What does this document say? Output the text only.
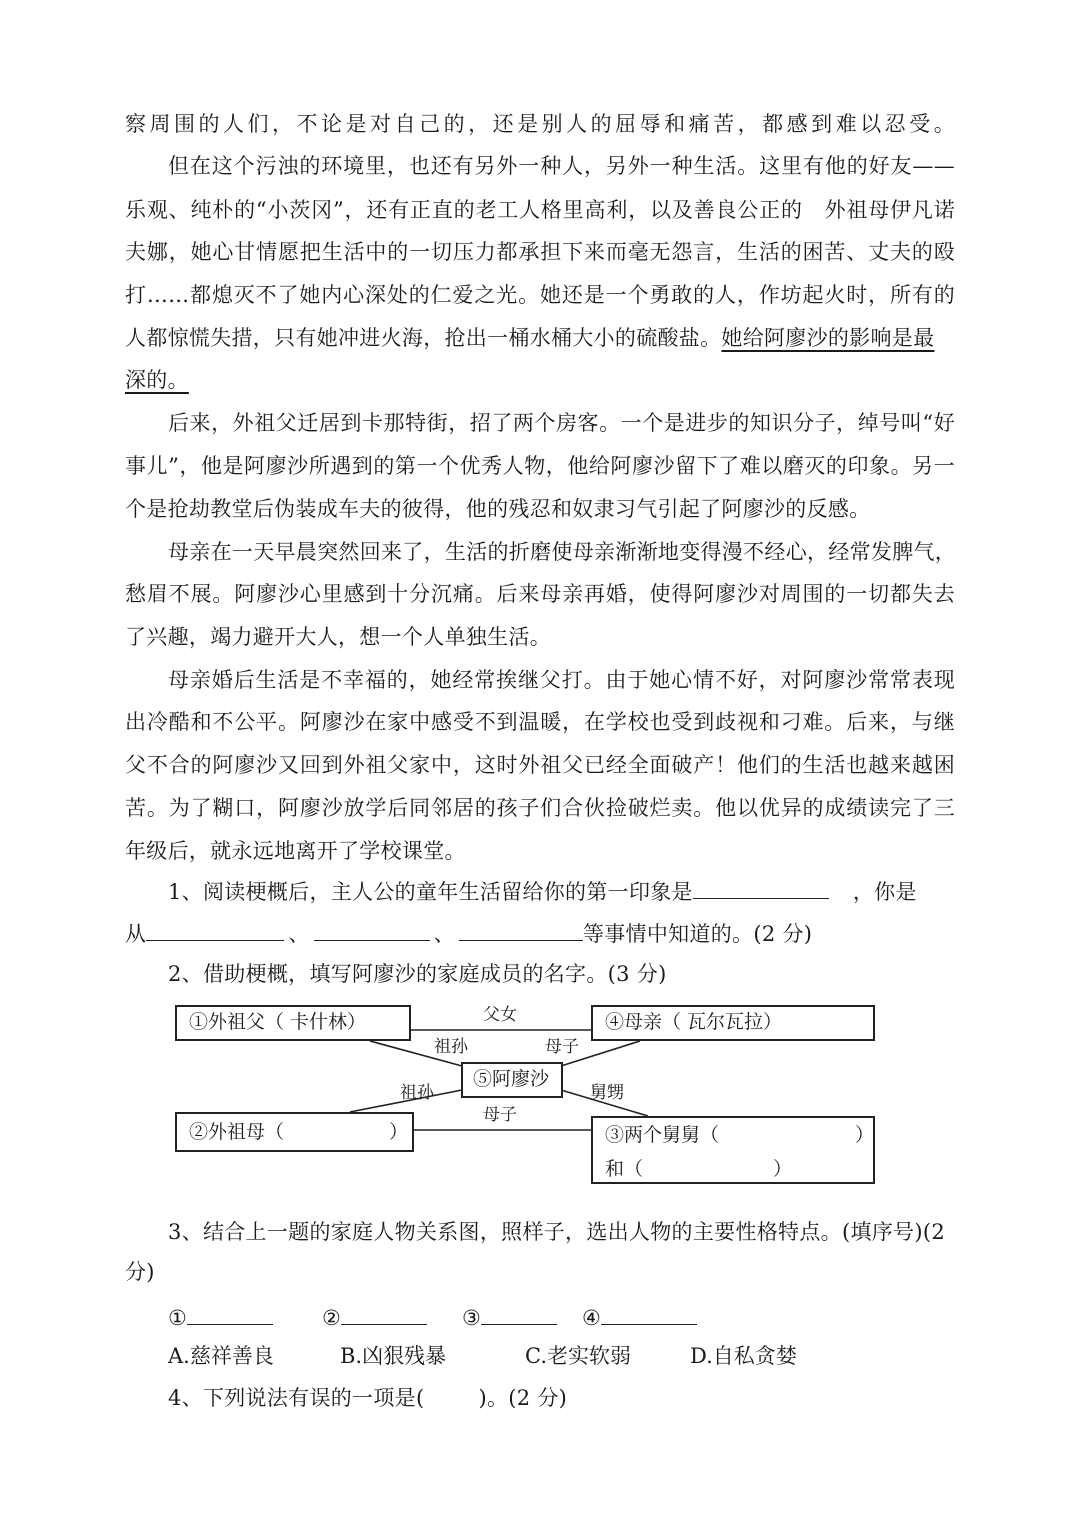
察周围的人们，不论是对自己的，还是别人的屈辱和痛苦，都感到难以忍受。
但在这个污浊的环境里，也还有另外一种人，另外一种生活。这里有他的好友——
乐观、纯朴的“小茨冈”，还有正直的老工人格里高利，以及善良公正的　外祖母伊凡诺
夫娜，她心甘情愿把生活中的一切压力都承担下来而毫无怨言，生活的困苦、丈夫的殴
打……都熄灭不了她内心深处的仁爱之光。她还是一个勇敢的人，作坊起火时，所有的
人都惊慌失措，只有她冲进火海，抢出一桶水桶大小的硫酸盐。她给阿廖沙的影响是最
深的。
后来，外祖父迁居到卡那特街，招了两个房客。一个是进步的知识分子，绰号叫“好
事儿”，他是阿廖沙所遇到的第一个优秀人物，他给阿廖沙留下了难以磨灭的印象。另一
个是抢劫教堂后伪装成车夫的彼得，他的残忍和奴隶习气引起了阿廖沙的反感。
母亲在一天早晨突然回来了，生活的折磨使母亲渐渐地变得漫不经心，经常发脾气，
愁眉不展。阿廖沙心里感到十分沉痛。后来母亲再婚，使得阿廖沙对周围的一切都失去
了兴趣，竭力避开大人，想一个人单独生活。
母亲婚后生活是不幸福的，她经常挨继父打。由于她心情不好，对阿廖沙常常表现
出冷酷和不公平。阿廖沙在家中感受不到温暖，在学校也受到歧视和刁难。后来，与继
父不合的阿廖沙又回到外祖父家中，这时外祖父已经全面破产！他们的生活也越来越困
苦。为了糊口，阿廖沙放学后同邻居的孩子们合伙捡破烂卖。他以优异的成绩读完了三
年级后，就永远地离开了学校课堂。
1、阅读梗概后，主人公的童年生活留给你的第一印象是	，你是
从	、	、	等事情中知道的。(2 分)
2、借助梗概，填写阿廖沙的家庭成员的名字。(3 分)
①外祖父（ 卡什林）	④母亲（ 瓦尔瓦拉）
⑤阿廖沙
②外祖母（	）	③两个舅舅（	）
和（	）
父女
祖孙	母子
祖孙	舅甥
母子
3、结合上一题的家庭人物关系图，照样子，选出人物的主要性格特点。(填序号)(2
分)
①	②	③	④
A.慈祥善良	B.凶狠残暴	C.老实软弱	D.自私贪婪
4、下列说法有误的一项是(	)。(2 分)
